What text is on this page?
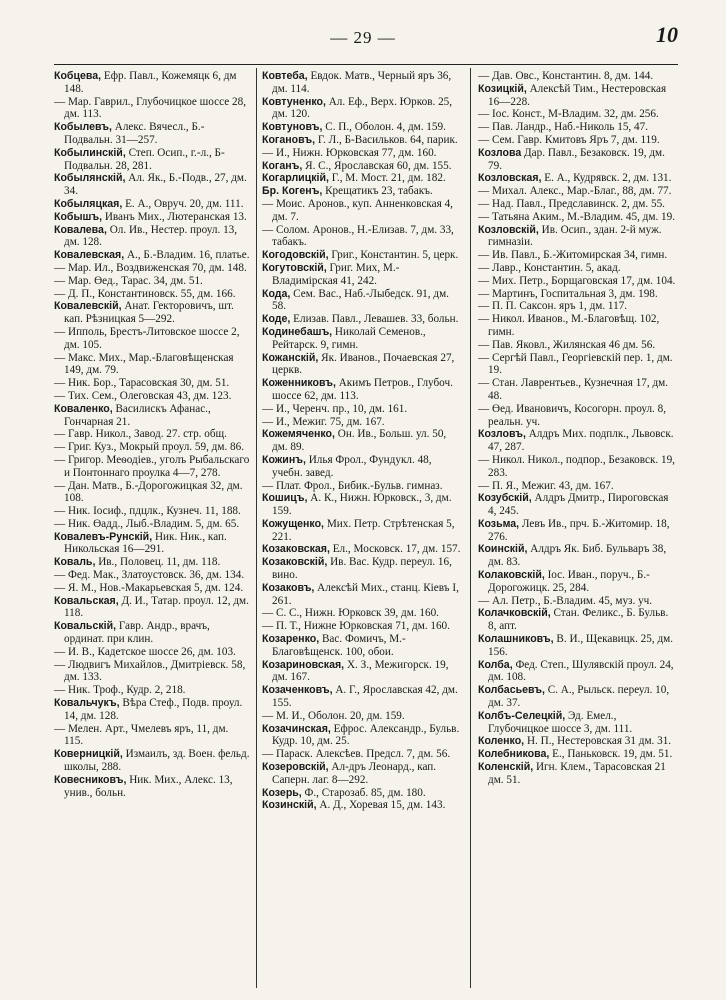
— 29 —	10

Кобцева, Ефр. Павл., Кожемяцк 6, дм 148.

— Мар. Гаврил., Глубочицкое шоссе 28, дм. 113.

Кобылевъ, Алекс. Вячесл., Б.-Подвальн. 31—257.

Кобылинскій, Степ. Осип., г.-л., Б-Подвальн. 28, 281.

Кобылянскій, Ал. Як., Б.-Подв., 27, дм. 34.

Кобыляцкая, Е. А., Овруч. 20, дм. 111.

Кобышъ, Иванъ Мих., Лютеранская 13.

Ковалева, Ол. Ив., Нестер. проул. 13, дм. 128.

Ковалевская, А., Б.-Владим. 16, платье.

— Мар. Ил., Воздвиженская 70, дм. 148.

— Мар. Өед., Тарас. 34, дм. 51.

— Д. П., Константиновск. 55, дм. 166.

Ковалевскій, Анат. Гекторовичъ, шт. кап. Рѣзницкая 5—292.

— Ипполь, Брестъ-Литовское шоссе 2, дм. 105.

— Макс. Мих., Мар.-Благовѣщенская 149, дм. 79.

— Ник. Бор., Тарасовская 30, дм. 51.

— Тих. Сем., Олеговская 43, дм. 123.

Коваленко, Василискъ Афанас., Гончарная 21.

— Гавр. Никол., Завод. 27. стр. общ.

— Григ. Куз., Мокрый проул. 59, дм. 86.

— Григор. Меѳодіев., уголъ Рыбальскаго и Понтоннаго проулка 4—7, 278.

— Дан. Матв., Б.-Дорогожицкая 32, дм. 108.

— Ник. Іосиф., пдцлк., Кузнеч. 11, 188.

— Ник. Өадд., Лыб.-Владим. 5, дм. 65.

Ковалевъ-Рунскій, Ник. Ник., кап. Никольская 16—291.

Коваль, Ив., Половец. 11, дм. 118.

— Фед. Мак., Златоустовск. 36, дм. 134.

— Я. М., Нов.-Макарьевская 5, дм. 124.

Ковальская, Д. И., Татар. проул. 12, дм. 118.

Ковальскій, Гавр. Андр., врачъ, ординат. при клин.

— И. В., Кадетское шоссе 26, дм. 103.

— Людвигъ Михайлов., Дмитріевск. 58, дм. 133.

— Ник. Троф., Кудр. 2, 218.

Ковальчукъ, Вѣра Стеф., Подв. проул. 14, дм. 128.

— Мелен. Арт., Чмелевъ яръ, 11, дм. 115.

Коверницкій, Измаилъ, зд. Воен. фельд. школы, 288.

Ковесниковъ, Ник. Мих., Алекс. 13, унив., больн.

Ковтеба, Евдок. Матв., Черный яръ 36, дм. 114.

Ковтуненко, Ал. Еф., Верх. Юрков. 25, дм. 120.

Ковтуновъ, С. П., Оболон. 4, дм. 159.

Когановъ, Г. Л., Б-Васильков. 64, парик.

— И., Нижн. Юрковская 77, дм. 160.

Коганъ, Я. С., Ярославская 60, дм. 155.

Когарлицкій, Г., М. Мост. 21, дм. 182.

Бр. Когенъ, Крещатикъ 23, табакъ.

— Моис. Аронов., куп. Анненковская 4, дм. 7.

— Солом. Аронов., Н.-Елизав. 7, дм. 33, табакъ.

Когодовскій, Григ., Константин. 5, церк.

Когутовскій, Григ. Мих, М.-Владимірская 41, 242.

Кода, Сем. Вас., Наб.-Лыбедск. 91, дм. 58.

Коде, Елизав. Павл., Левашев. 33, больн.

Кодинебашъ, Николай Семенов., Рейтарск. 9, гимн.

Кожанскій, Як. Иванов., Почаевская 27, церкв.

Коженниковъ, Акимъ Петров., Глубоч. шоссе 62, дм. 113.

— И., Черенч. пр., 10, дм. 161.

— И., Межиг. 75, дм. 167.

Кожемяченко, Он. Ив., Больш. ул. 50, дм. 89.

Кожинъ, Илья Фрол., Фундукл. 48, учебн. завед.

— Плат. Фрол., Бибик.-Бульв. гимназ.

Кошицъ, А. К., Нижн. Юрковск., 3, дм. 159.

Кожущенко, Мих. Петр. Стрѣтенская 5, 221.

Козаковская, Ел., Московск. 17, дм. 157.

Козаковскій, Ив. Вас. Кудр. переул. 16, вино.

Козаковъ, Алексѣй Мих., станц. Кіевъ I, 261.

— С. С., Нижн. Юрковск 39, дм. 160.

— П. Т., Нижне Юрковская 71, дм. 160.

Козаренко, Вас. Фомичъ, М.-Благовѣщенск. 100, обои.

Козариновская, Х. З., Межигорск. 19, дм. 167.

Козаченковъ, А. Г., Ярославская 42, дм. 155.

— М. И., Оболон. 20, дм. 159.

Козачинская, Ефрос. Александр., Бульв. Кудр. 10, дм. 25.

— Параск. Алексѣев. Предсл. 7, дм. 56.

Козеровскій, Ал-дръ Леонард., кап. Саперн. лаг. 8—292.

Козерь, Ф., Старозаб. 85, дм. 180.

Козинскій, А. Д., Хоревая 15, дм. 143.

— Дав. Овс., Константин. 8, дм. 144.

Козицкій, Алексѣй Тим., Нестеровская 16—228.

— Іос. Конст., М-Владим. 32, дм. 256.

— Пав. Ландр., Наб.-Николь 15, 47.

— Сем. Гавр. Кмитовъ Яръ 7, дм. 119.

Козлова Дар. Павл., Безаковск. 19, дм. 79.

Козловская, Е. А., Кудрявск. 2, дм. 131.

— Михал. Алекс., Мар.-Благ., 88, дм. 77.

— Над. Павл., Предславинск. 2, дм. 55.

— Татьяна Аким., М.-Владим. 45, дм. 19.

Козловскій, Ив. Осип., здан. 2-й муж. гимназіи.

— Ив. Павл., Б.-Житомирская 34, гимн.

— Лавр., Константин. 5, акад.

— Мих. Петр., Борщаговская 17, дм. 104.

— Мартинъ, Госпитальная 3, дм. 198.

— П. П. Саксон. яръ 1, дм. 117.

— Никол. Иванов., М.-Благовѣщ. 102, гимн.

— Пав. Яковл., Жилянская 46 дм. 56.

— Сергѣй Павл., Георгіевскій пер. 1, дм. 19.

— Стан. Лаврентьев., Кузнечная 17, дм. 48.

— Өед. Ивановичъ, Косогорн. проул. 8, реальн. уч.

Козловъ, Алдръ Мих. подплк., Львовск. 47, 287.

— Никол. Никол., подпор., Безаковск. 19, 283.

— П. Я., Межиг. 43, дм. 167.

Козубскій, Алдръ Дмитр., Пироговская 4, 245.

Козьма, Левъ Ив., прч. Б.-Житомир. 18, 276.

Коинскій, Алдръ Як. Биб. Бульваръ 38, дм. 83.

Колаковскій, Іос. Иван., поруч., Б.-Дорогожицк. 25, 284.

— Ал. Петр., Б.-Владим. 45, муз. уч.

Колачковскій, Стан. Феликс., Б. Бульв. 8, апт.

Колашниковъ, В. И., Щекавицк. 25, дм. 156.

Колба, Фед. Степ., Шулявскій проул. 24, дм. 108.

Колбасьевъ, С. А., Рыльск. переул. 10, дм. 37.

Колбъ-Селецкій, Эд. Емел., Глубочицкое шоссе 3, дм. 111.

Коленко, Н. П., Нестеровская 31 дм. 31.

Колебникова, Е., Паньковск. 19, дм. 51.

Коленскій, Игн. Клем., Тарасовская 21 дм. 51.
